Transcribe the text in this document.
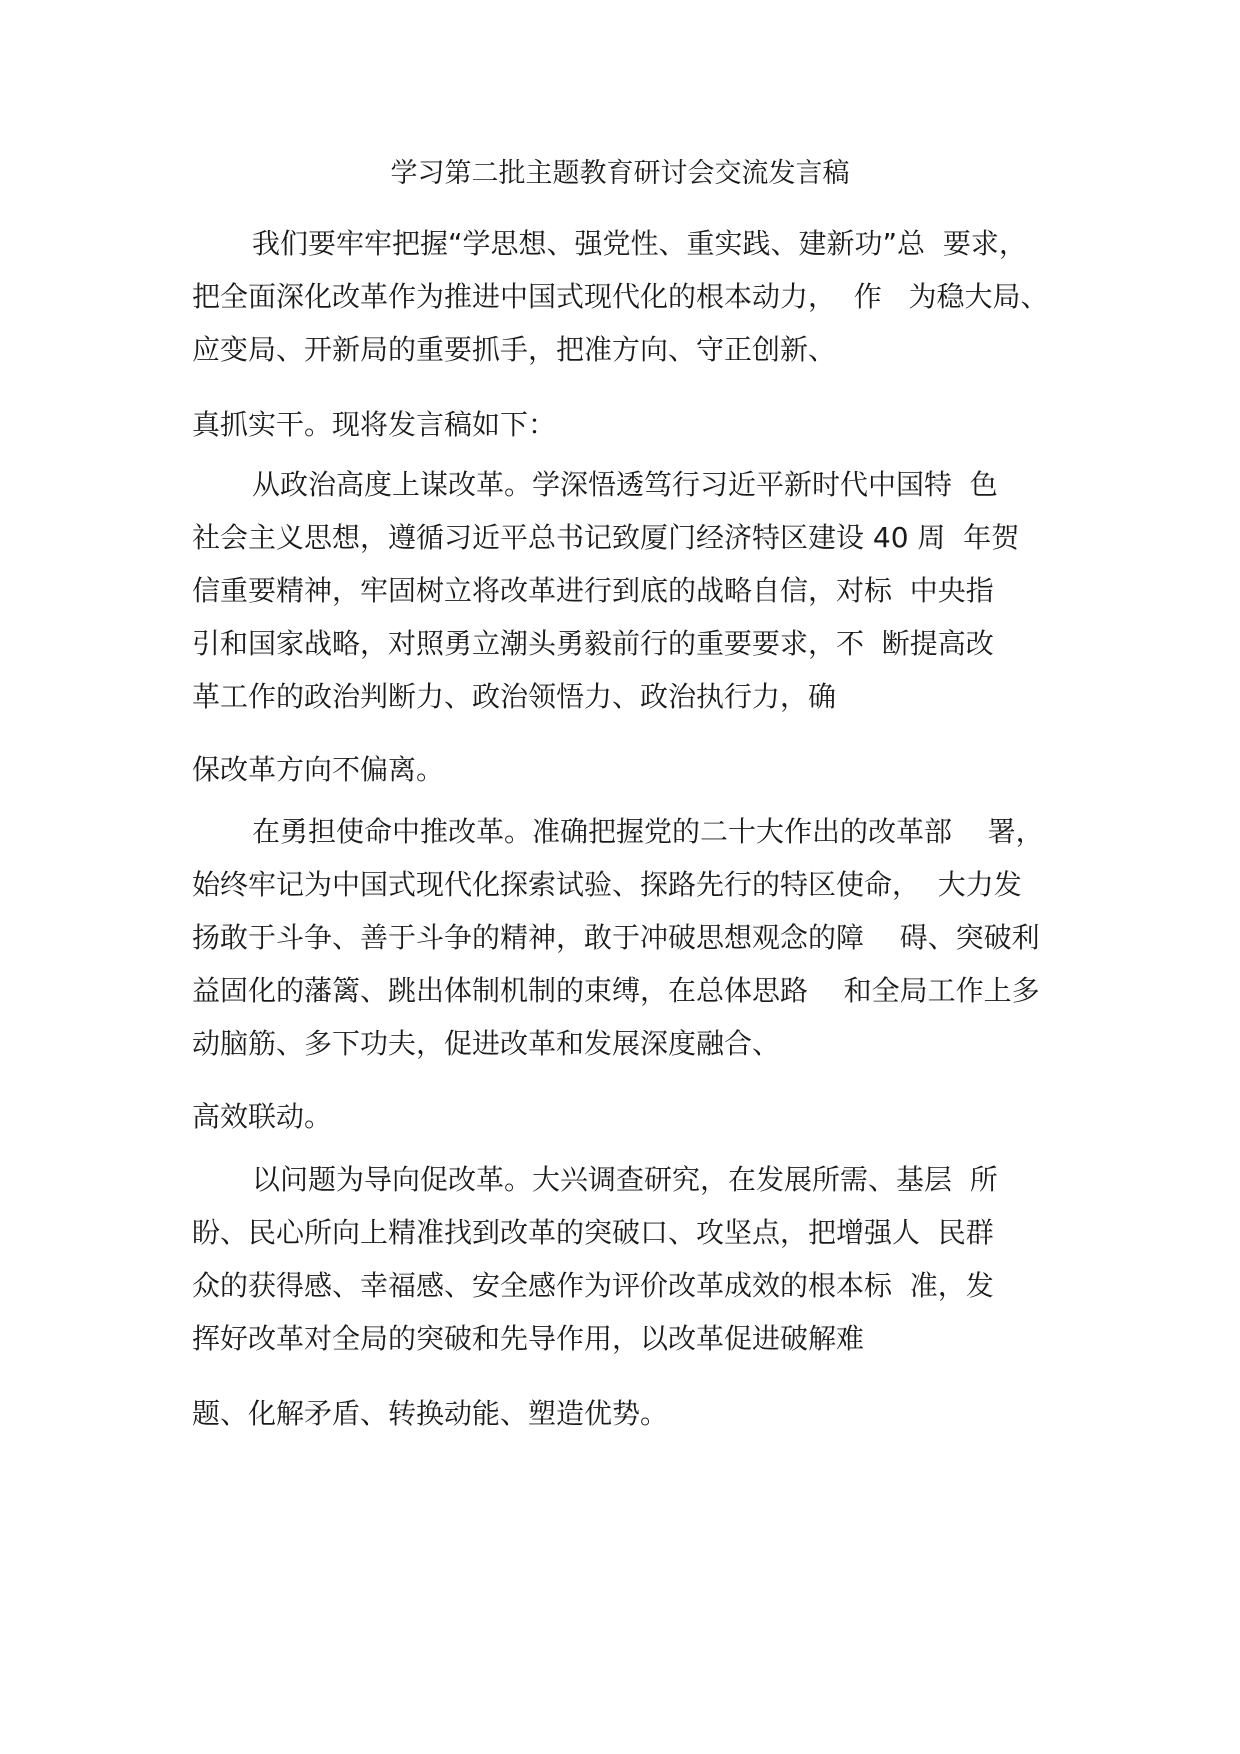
学习第二批主题教育研讨会交流发言稿
我们要牢牢把握“学思想、强党性、重实践、建新功”总  要求，
把全面深化改革作为推进中国式现代化的根本动力，  作   为稳大局、
应变局、开新局的重要抓手，把准方向、守正创新、
真抓实干。现将发言稿如下：
从政治高度上谋改革。学深悟透笃行习近平新时代中国特  色
社会主义思想，遵循习近平总书记致厦门经济特区建设 40 周  年贺
信重要精神，牢固树立将改革进行到底的战略自信，对标  中央指
引和国家战略，对照勇立潮头勇毅前行的重要要求，不  断提高改
革工作的政治判断力、政治领悟力、政治执行力，确
保改革方向不偏离。
在勇担使命中推改革。准确把握党的二十大作出的改革部    署，
始终牢记为中国式现代化探索试验、探路先行的特区使命，  大力发
扬敢于斗争、善于斗争的精神，敢于冲破思想观念的障    碍、突破利
益固化的藩篱、跳出体制机制的束缚，在总体思路    和全局工作上多
动脑筋、多下功夫，促进改革和发展深度融合、
高效联动。
以问题为导向促改革。大兴调查研究，在发展所需、基层  所
盼、民心所向上精准找到改革的突破口、攻坚点，把增强人  民群
众的获得感、幸福感、安全感作为评价改革成效的根本标  准，发
挥好改革对全局的突破和先导作用，以改革促进破解难
题、化解矛盾、转换动能、塑造优势。
